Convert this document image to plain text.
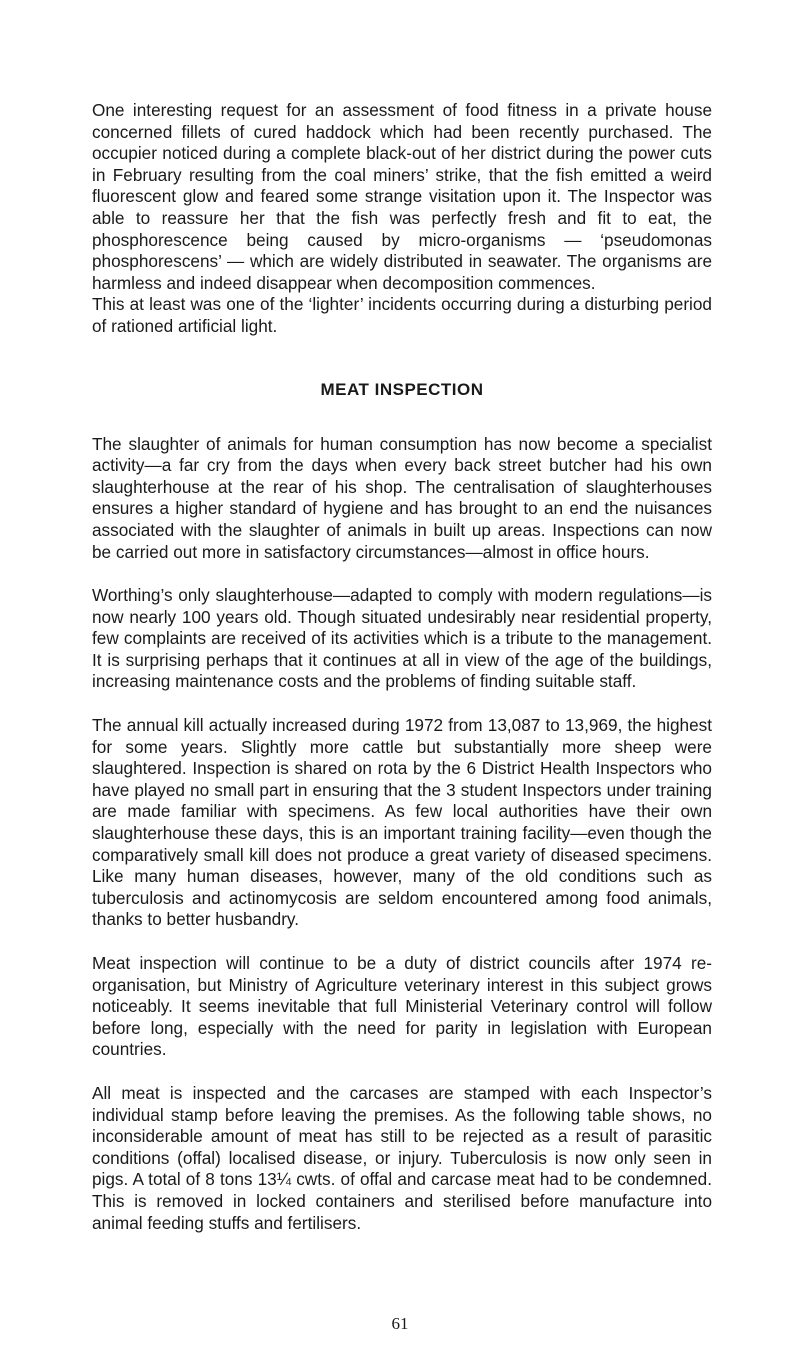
One interesting request for an assessment of food fitness in a private house concerned fillets of cured haddock which had been recently purchased. The occupier noticed during a complete black-out of her district during the power cuts in February resulting from the coal miners’ strike, that the fish emitted a weird fluorescent glow and feared some strange visitation upon it. The Inspector was able to reassure her that the fish was perfectly fresh and fit to eat, the phosphorescence being caused by micro-organisms — ‘pseudomonas phosphorescens’ — which are widely distributed in seawater. The organisms are harmless and indeed disappear when decomposition commences.

This at least was one of the ‘lighter’ incidents occurring during a disturbing period of rationed artificial light.

MEAT INSPECTION

The slaughter of animals for human consumption has now become a specialist activity—a far cry from the days when every back street butcher had his own slaughterhouse at the rear of his shop. The centralisation of slaughterhouses ensures a higher standard of hygiene and has brought to an end the nuisances associated with the slaughter of animals in built up areas. Inspections can now be carried out more in satisfactory circumstances—almost in office hours.

Worthing’s only slaughterhouse—adapted to comply with modern regulations—is now nearly 100 years old. Though situated undesirably near residential property, few complaints are received of its activities which is a tribute to the management. It is surprising perhaps that it continues at all in view of the age of the buildings, increasing maintenance costs and the problems of finding suitable staff.

The annual kill actually increased during 1972 from 13,087 to 13,969, the highest for some years. Slightly more cattle but substantially more sheep were slaughtered. Inspection is shared on rota by the 6 District Health Inspectors who have played no small part in ensuring that the 3 student Inspectors under training are made familiar with specimens. As few local authorities have their own slaughterhouse these days, this is an important training facility—even though the comparatively small kill does not produce a great variety of diseased specimens. Like many human diseases, however, many of the old conditions such as tuberculosis and actinomycosis are seldom encountered among food animals, thanks to better husbandry.

Meat inspection will continue to be a duty of district councils after 1974 re-organisation, but Ministry of Agriculture veterinary interest in this subject grows noticeably. It seems inevitable that full Ministerial Veterinary control will follow before long, especially with the need for parity in legislation with European countries.

All meat is inspected and the carcases are stamped with each Inspector’s individual stamp before leaving the premises. As the following table shows, no inconsiderable amount of meat has still to be rejected as a result of parasitic conditions (offal) localised disease, or injury. Tuberculosis is now only seen in pigs. A total of 8 tons 13¼ cwts. of offal and carcase meat had to be condemned. This is removed in locked containers and sterilised before manufacture into animal feeding stuffs and fertilisers.

61
